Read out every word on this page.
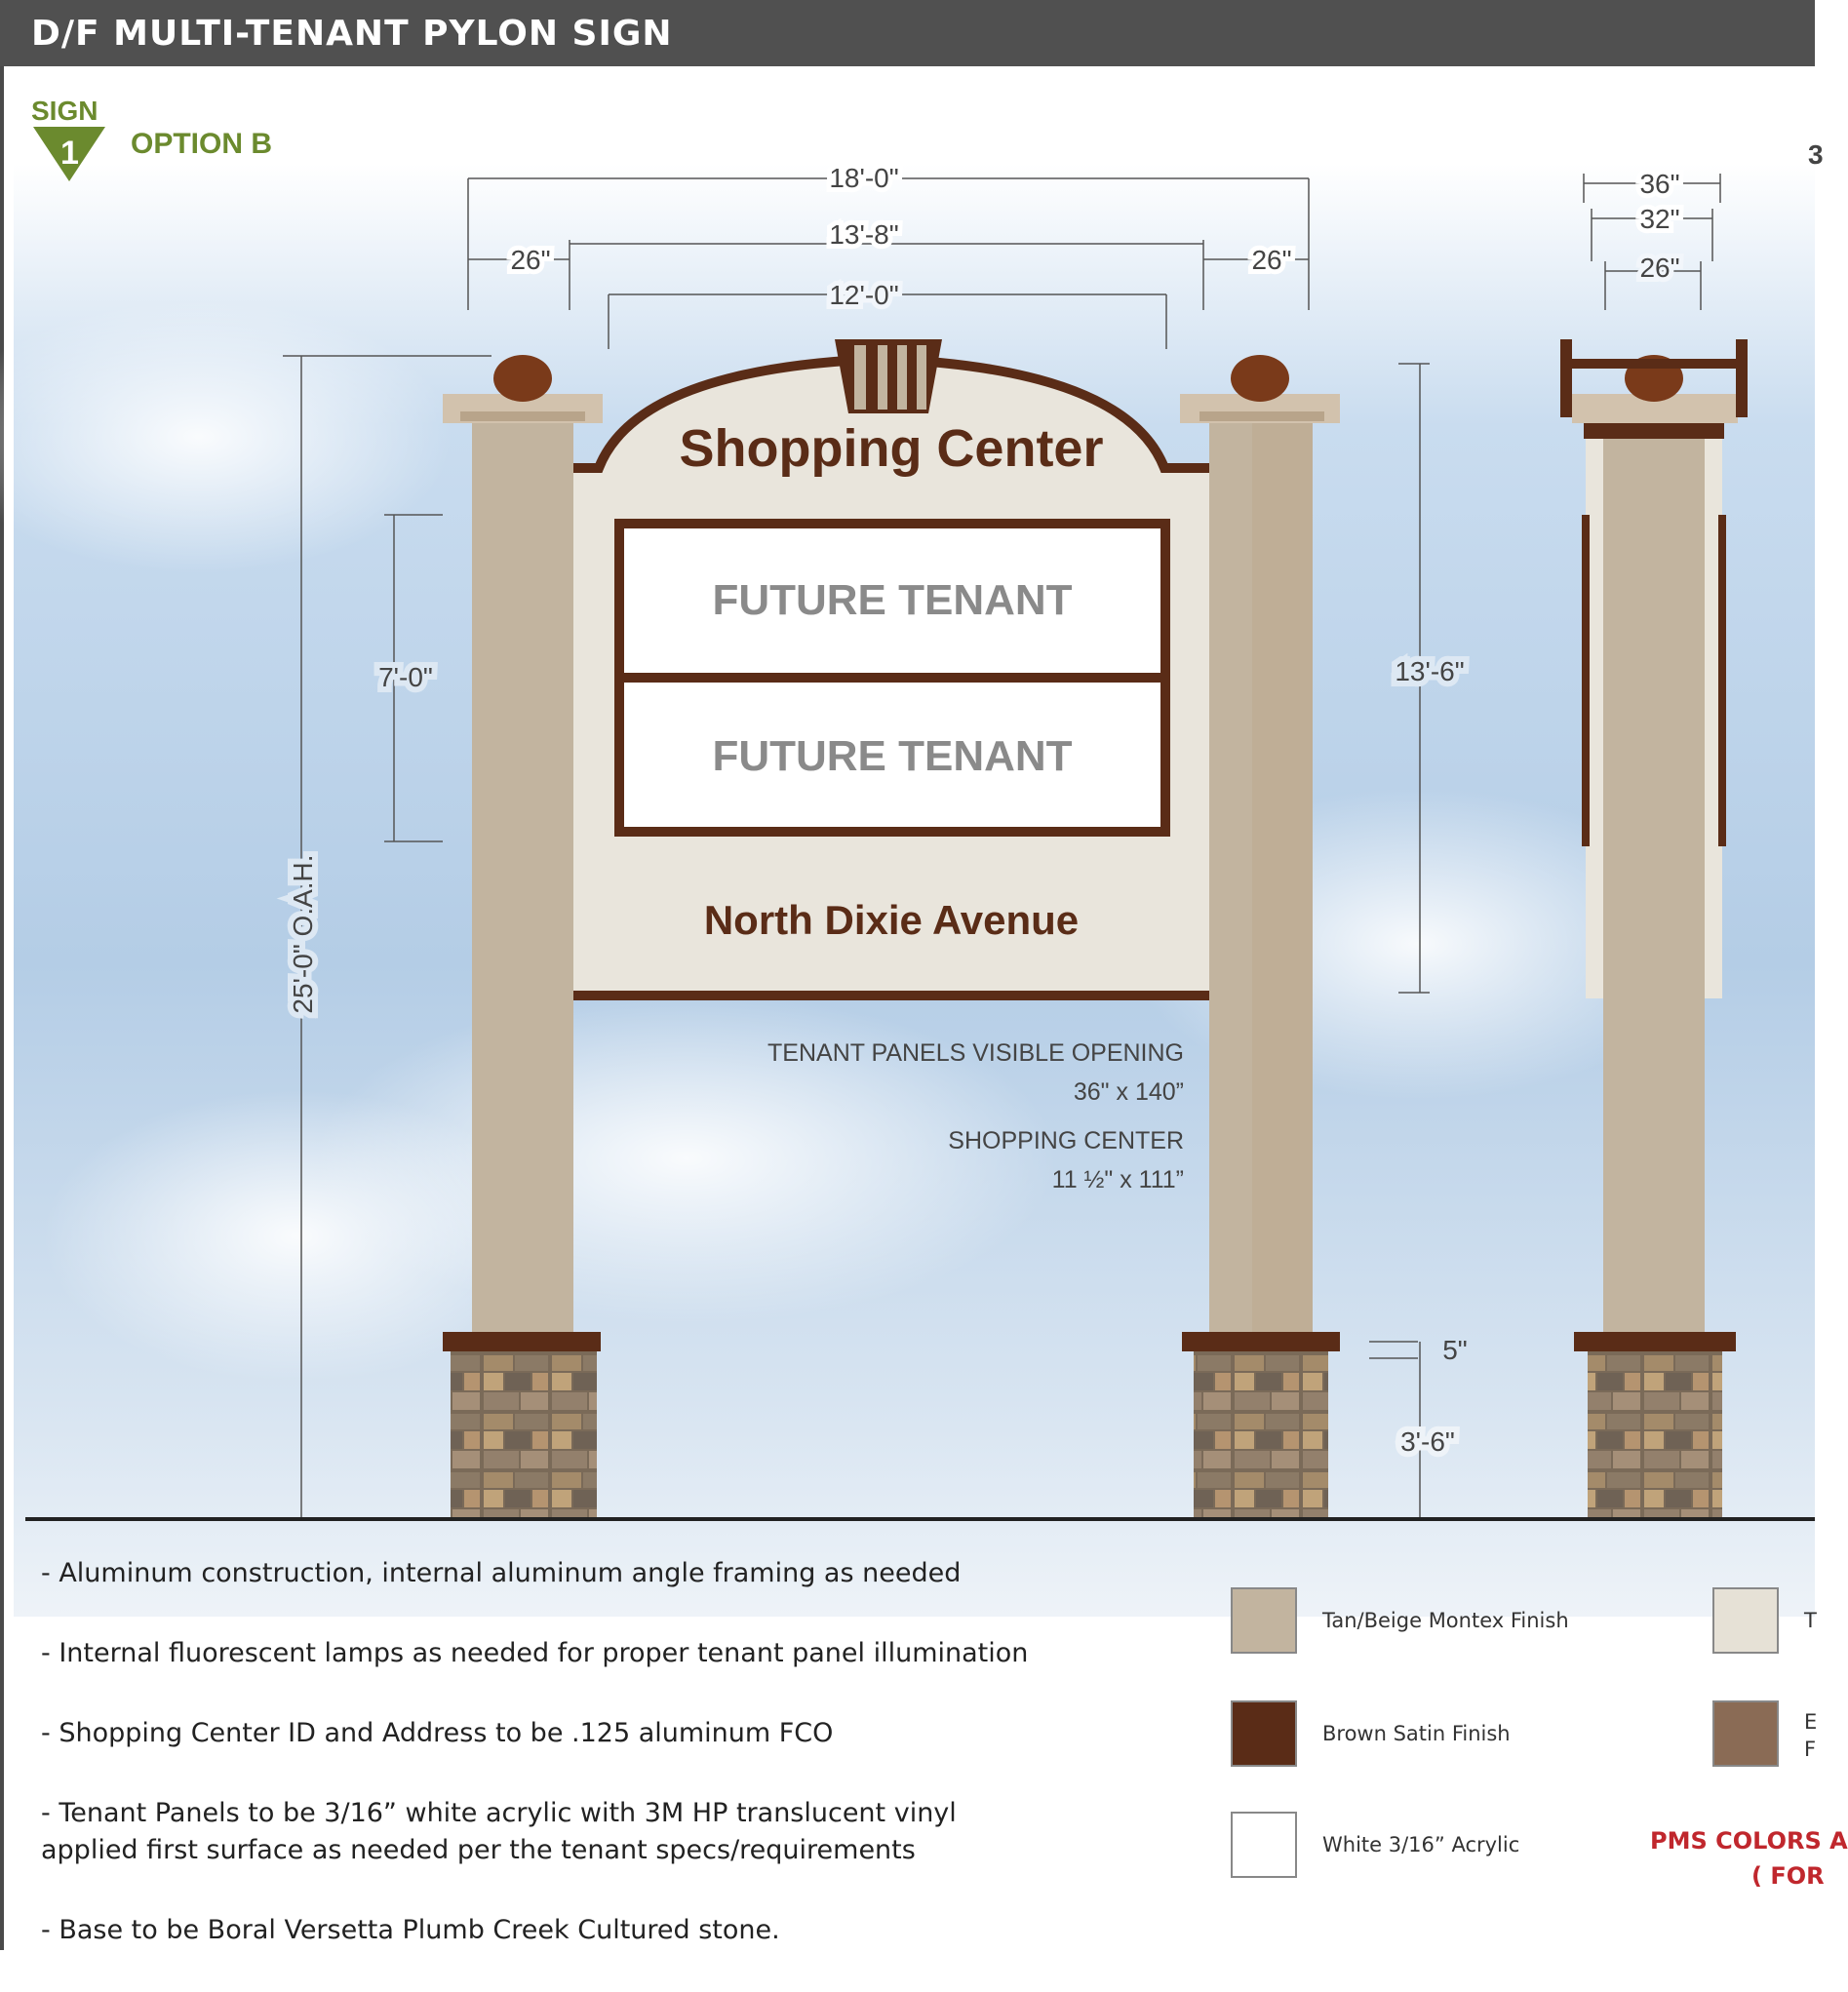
D/F MULTI-TENANT PYLON SIGN
SIGN
1 OPTION B
18'-0"
13'-8"
26"	26"
12'-0"
36"
32"
26"
3
7'-0"	13'-6"
5"
3'-6"
25'-0" O.A.H.
Shopping Center
FUTURE TENANT
FUTURE TENANT
North Dixie Avenue
TENANT PANELS VISIBLE OPENING
36" x 140”
SHOPPING CENTER
11 ½" x 111”
- Aluminum construction, internal aluminum angle framing as needed
- Internal fluorescent lamps as needed for proper tenant panel illumination
- Shopping Center ID and Address to be .125 aluminum FCO
- Tenant Panels to be 3/16” white acrylic with 3M HP translucent vinyl
applied first surface as needed per the tenant specs/requirements
- Base to be Boral Versetta Plumb Creek Cultured stone.
Tan/Beige Montex Finish
Brown Satin Finish
White 3/16” Acrylic
T
E
F
PMS COLORS A
( FOR
